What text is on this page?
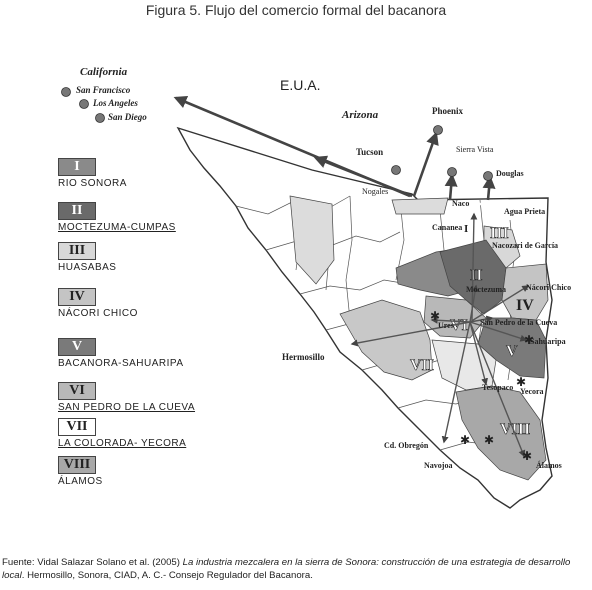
Figura 5. Flujo del comercio formal del bacanora
II
I III
IV
V
VI
VII
VIII
✱
✱
✱
✱
✱
✱
California
San Francisco
Los Angeles
San Diego
E.U.A.
Arizona	Phoenix
Tucson	Sierra Vista
Douglas
Nogales
Naco
Agua Prieta
Cananea
Nacozari de García
Nácori Chico
Moctezuma
Ures	San Pedro de la Cueva
Sahuaripa
Hermosillo
Tesopaco Yecora
Cd. Obregón
Navojoa	Álamos
I
RIO SONORA
II
MOCTEZUMA-CUMPAS
III
HUASABAS
IV
NÁCORI CHICO
V
BACANORA-SAHUARIPA
VI
SAN PEDRO DE LA CUEVA
VII
LA COLORADA- YECORA
VIII
ÁLAMOS
Fuente: Vidal Salazar Solano et al. (2005) La industria mezcalera en la sierra de Sonora: construcción de una estrategia de desarrollo local. Hermosillo, Sonora, CIAD, A. C.- Consejo Regulador del Bacanora.
